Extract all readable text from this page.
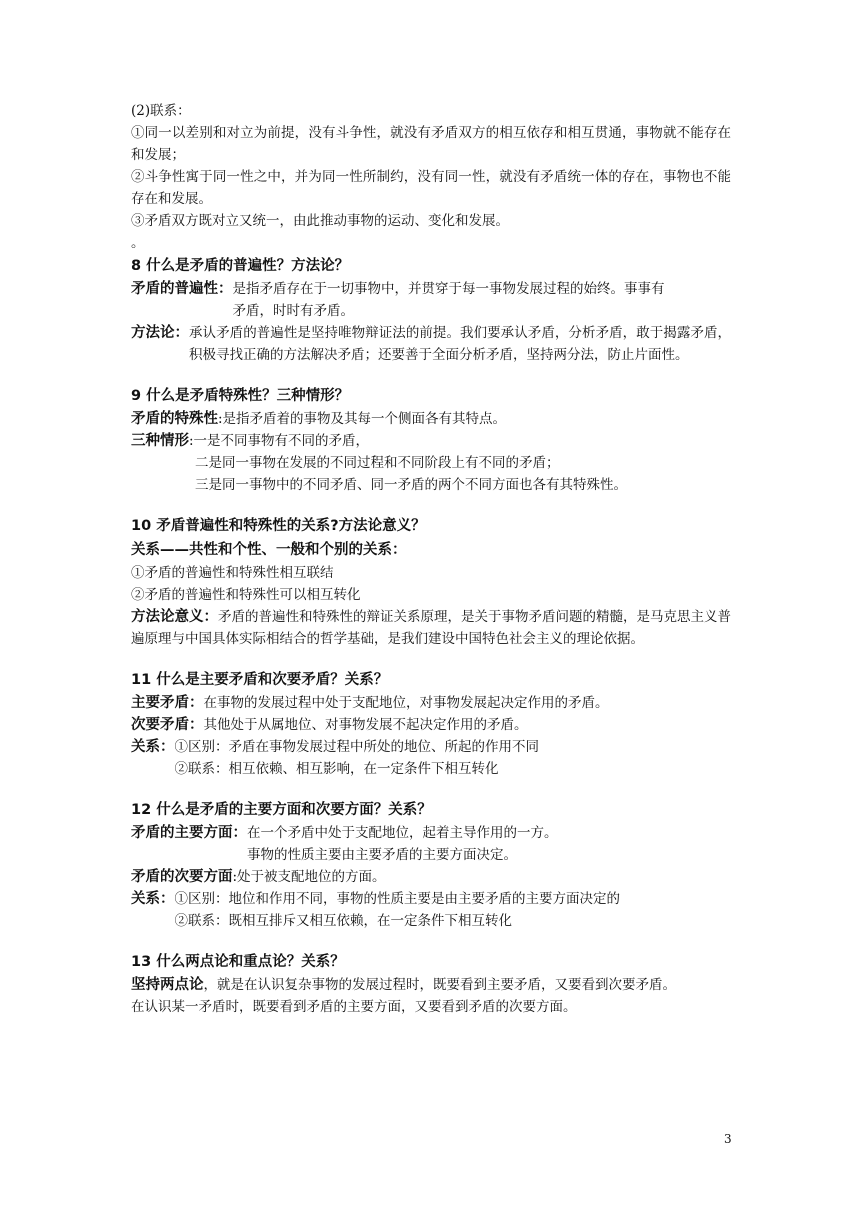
(2)联系：

①同一以差别和对立为前提，没有斗争性，就没有矛盾双方的相互依存和相互贯通，事物就不能存在和发展；

②斗争性寓于同一性之中，并为同一性所制约，没有同一性，就没有矛盾统一体的存在，事物也不能存在和发展。

③矛盾双方既对立又统一，由此推动事物的运动、变化和发展。

。

8 什么是矛盾的普遍性？方法论？

矛盾的普遍性： 是指矛盾存在于一切事物中，并贯穿于每一事物发展过程的始终。事事有
矛盾，时时有矛盾。
方法论： 承认矛盾的普遍性是坚持唯物辩证法的前提。我们要承认矛盾，分析矛盾，敢于揭露矛盾，积极寻找正确的方法解决矛盾；还要善于全面分析矛盾，坚持两分法，防止片面性。

9 什么是矛盾特殊性？三种情形？

矛盾的特殊性 :是指矛盾着的事物及其每一个侧面各有其特点。
三种情形 :一是不同事物有不同的矛盾，
二是同一事物在发展的不同过程和不同阶段上有不同的矛盾；
三是同一事物中的不同矛盾、同一矛盾的两个不同方面也各有其特殊性。

10 矛盾普遍性和特殊性的关系?方法论意义？

关系——共性和个性、一般和个别的关系：

①矛盾的普遍性和特殊性相互联结

②矛盾的普遍性和特殊性可以相互转化

方法论意义：矛盾的普遍性和特殊性的辩证关系原理，是关于事物矛盾问题的精髓，是马克思主义普遍原理与中国具体实际相结合的哲学基础，是我们建设中国特色社会主义的理论依据。

11 什么是主要矛盾和次要矛盾？关系？

主要矛盾： 在事物的发展过程中处于支配地位，对事物发展起决定作用的矛盾。
次要矛盾： 其他处于从属地位、对事物发展不起决定作用的矛盾。
关系： ①区别：矛盾在事物发展过程中所处的地位、所起的作用不同
②联系：相互依赖、相互影响，在一定条件下相互转化

12 什么是矛盾的主要方面和次要方面？关系？

矛盾的主要方面： 在一个矛盾中处于支配地位，起着主导作用的一方。
事物的性质主要由主要矛盾的主要方面决定。
矛盾的次要方面 :处于被支配地位的方面。
关系： ①区别：地位和作用不同，事物的性质主要是由主要矛盾的主要方面决定的
②联系：既相互排斥又相互依赖，在一定条件下相互转化

13 什么两点论和重点论？关系？

坚持两点论，就是在认识复杂事物的发展过程时，既要看到主要矛盾，又要看到次要矛盾。

在认识某一矛盾时，既要看到矛盾的主要方面，又要看到矛盾的次要方面。

3
